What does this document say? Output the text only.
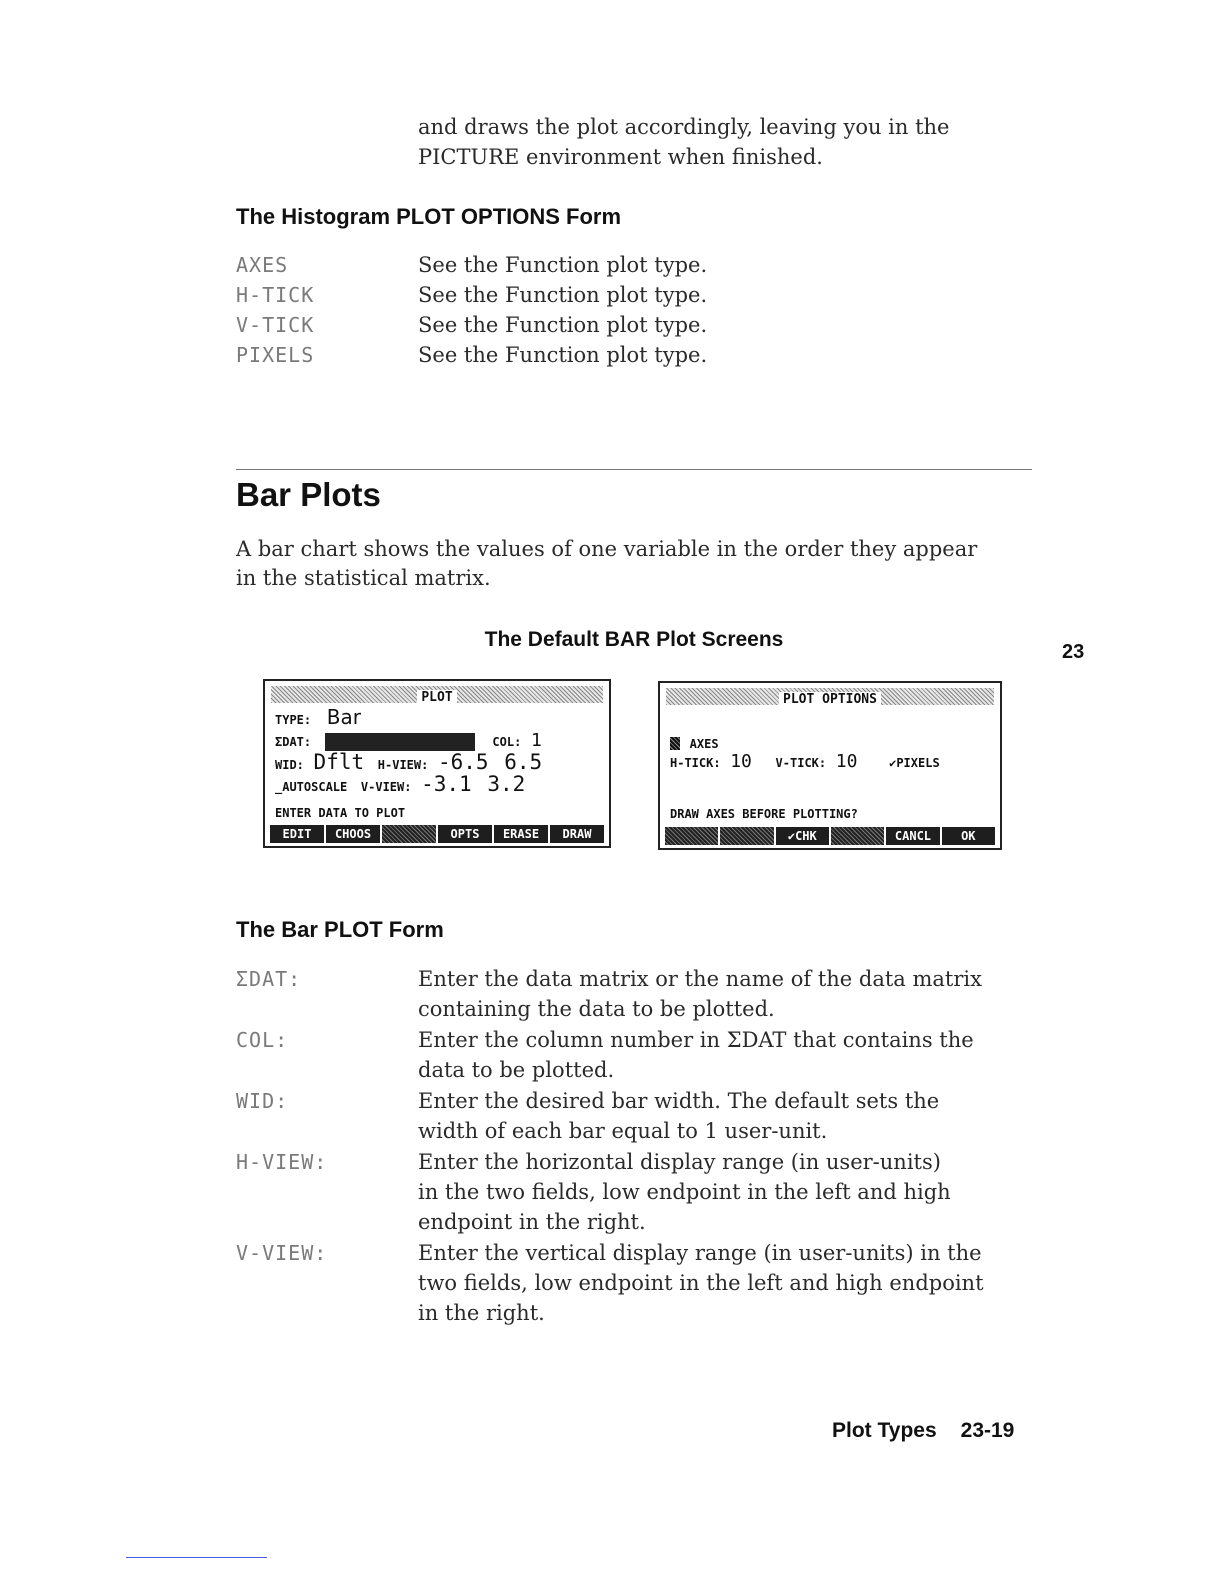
and draws the plot accordingly, leaving you in the
PICTURE environment when finished.
The Histogram PLOT OPTIONS Form
AXES	See the Function plot type.
H-TICK	See the Function plot type.
V-TICK	See the Function plot type.
PIXELS	See the Function plot type.
Bar Plots
A bar chart shows the values of one variable in the order they appear
in the statistical matrix.
The Default BAR Plot Screens
23
PLOT
TYPE: Bar
ΣDAT:	COL: 1
WID: Dflt H-VIEW: -6.5 6.5
_AUTOSCALE V-VIEW: -3.1 3.2
ENTER DATA TO PLOT
EDIT	CHOOS	OPTS	ERASE	DRAW
PLOT OPTIONS
AXES
H-TICK: 10 V-TICK: 10	✔PIXELS
DRAW AXES BEFORE PLOTTING?
✔CHK	CANCL	OK
The Bar PLOT Form
ΣDAT:	Enter the data matrix or the name of the data matrix
containing the data to be plotted.
COL:	Enter the column number in ΣDAT that contains the
data to be plotted.
WID:	Enter the desired bar width. The default sets the
width of each bar equal to 1 user-unit.
H-VIEW:	Enter the horizontal display range (in user-units)
in the two fields, low endpoint in the left and high
endpoint in the right.
V-VIEW:	Enter the vertical display range (in user-units) in the
two fields, low endpoint in the left and high endpoint
in the right.
Plot Types 23-19
